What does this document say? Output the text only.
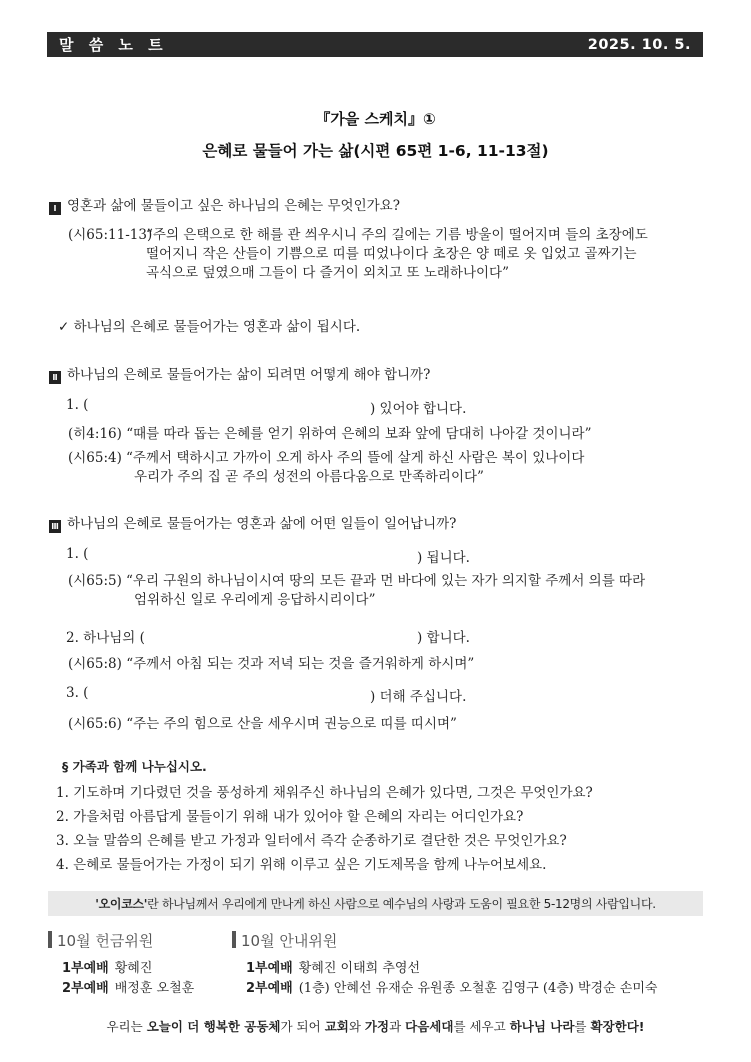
말 씀 노 트	2025. 10. 5.
『가을 스케치』①
은혜로 물들어 가는 삶(시편 65편 1-6, 11-13절)
Ⅰ 영혼과 삶에 물들이고 싶은 하나님의 은혜는 무엇인가요?
(시65:11-13)
“주의 은택으로 한 해를 관 씌우시니 주의 길에는 기름 방울이 떨어지며 들의 초장에도
떨어지니 작은 산들이 기쁨으로 띠를 띠었나이다 초장은 양 떼로 옷 입었고 골짜기는
곡식으로 덮였으매 그들이 다 즐거이 외치고 또 노래하나이다”
✓ 하나님의 은혜로 물들어가는 영혼과 삶이 됩시다.
Ⅱ 하나님의 은혜로 물들어가는 삶이 되려면 어떻게 해야 합니까?
1. (	) 있어야 합니다.
(히4:16) “때를 따라 돕는 은혜를 얻기 위하여 은혜의 보좌 앞에 담대히 나아갈 것이니라”
(시65:4) “주께서 택하시고 가까이 오게 하사 주의 뜰에 살게 하신 사람은 복이 있나이다
우리가 주의 집 곧 주의 성전의 아름다움으로 만족하리이다”
Ⅲ 하나님의 은혜로 물들어가는 영혼과 삶에 어떤 일들이 일어납니까?
1. (	) 됩니다.
(시65:5) “우리 구원의 하나님이시여 땅의 모든 끝과 먼 바다에 있는 자가 의지할 주께서 의를 따라
엄위하신 일로 우리에게 응답하시리이다”
2. 하나님의 (	) 합니다.
(시65:8) “주께서 아침 되는 것과 저녁 되는 것을 즐거워하게 하시며”
3. (	) 더해 주십니다.
(시65:6) “주는 주의 힘으로 산을 세우시며 권능으로 띠를 띠시며”
§ 가족과 함께 나누십시오.
1. 기도하며 기다렸던 것을 풍성하게 채워주신 하나님의 은혜가 있다면, 그것은 무엇인가요?
2. 가을처럼 아름답게 물들이기 위해 내가 있어야 할 은혜의 자리는 어디인가요?
3. 오늘 말씀의 은혜를 받고 가정과 일터에서 즉각 순종하기로 결단한 것은 무엇인가요?
4. 은혜로 물들어가는 가정이 되기 위해 이루고 싶은 기도제목을 함께 나누어보세요.
'오이코스' 란 하나님께서 우리에게 만나게 하신 사람으로 예수님의 사랑과 도움이 필요한 5-12명의 사람입니다.
10월 헌금위원
1부예배 황혜진
2부예배 배정훈 오철훈
10월 안내위원
1부예배 황혜진 이태희 추영선
2부예배 (1층) 안혜선 유재순 유원종 오철훈 김영구 (4층) 박경순 손미숙
우리는 오늘이 더 행복한 공동체가 되어 교회와 가정과 다음세대를 세우고 하나님 나라를 확장한다!
